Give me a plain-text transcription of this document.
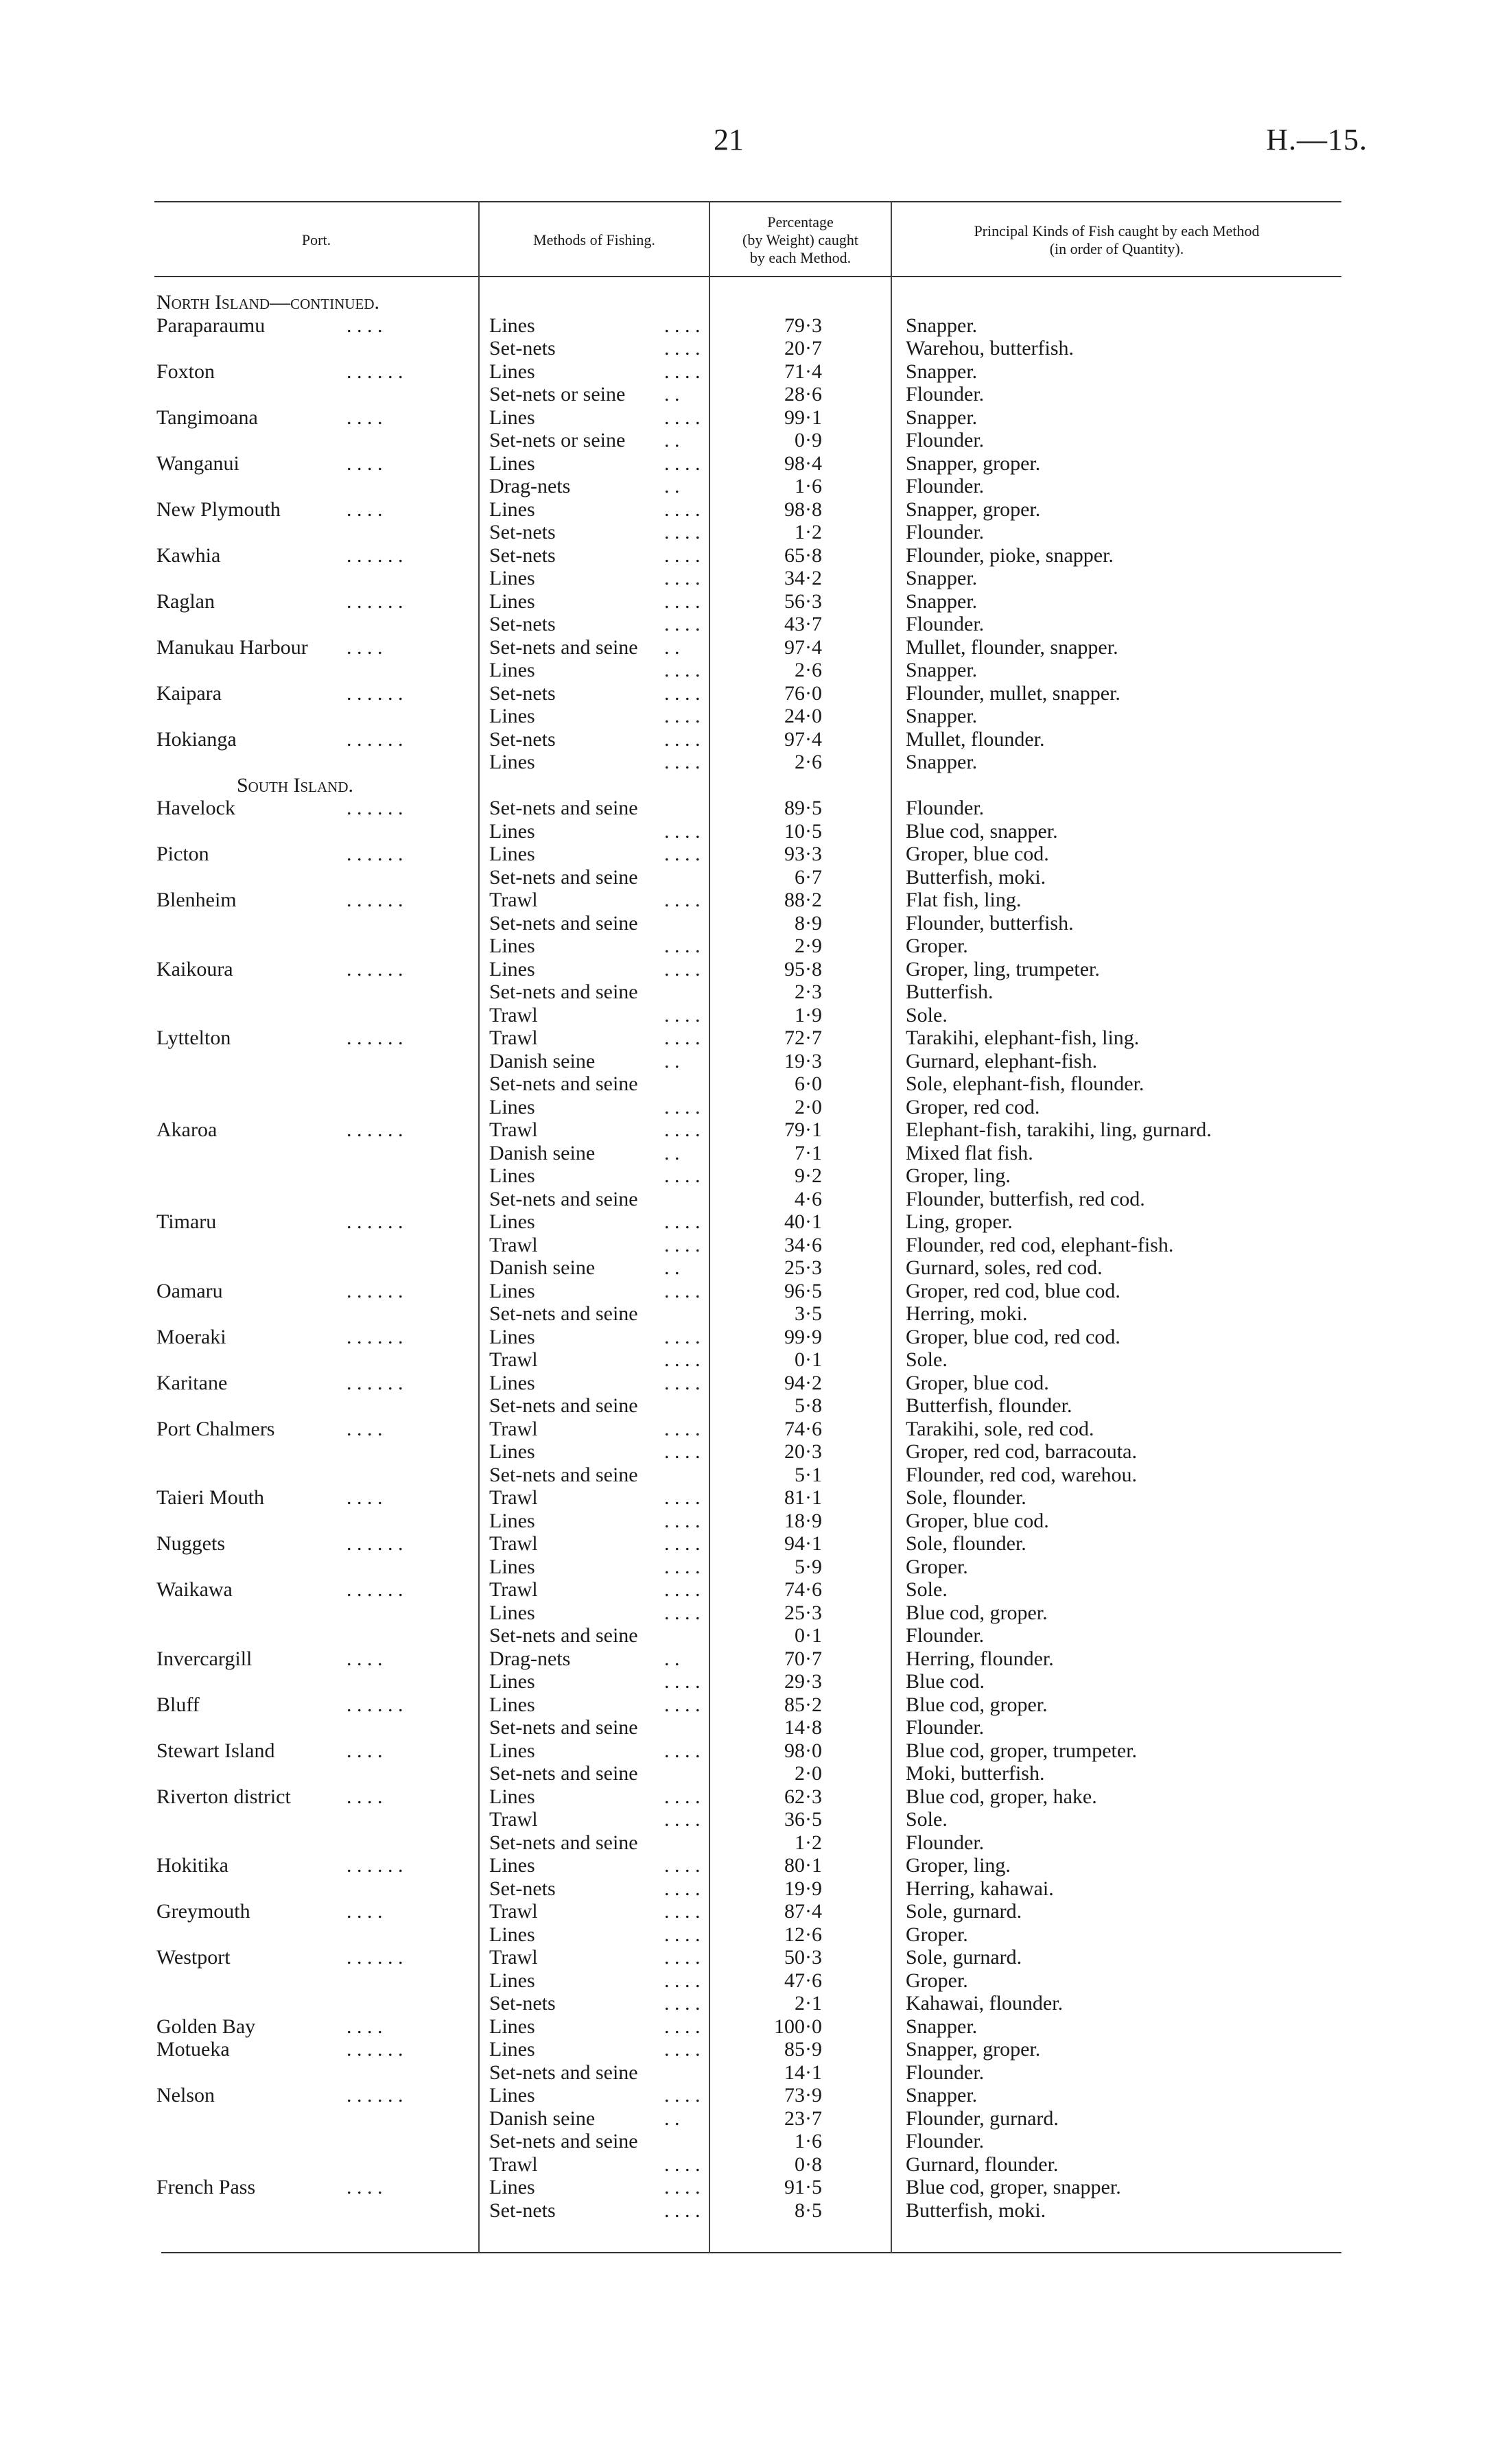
21	H.—15.
Port.	Methods of Fishing.
Percentage
(by Weight) caught
by each Method.
Principal Kinds of Fish caught by each Method
(in order of Quantity).
North Island—continued.
Paraparaumu	. . . .	Lines	. . . .	79·3	Snapper.
Set-nets	. . . .	20·7	Warehou, butterfish.
Foxton	. . . . . .	Lines	. . . .	71·4	Snapper.
Set-nets or seine . .	28·6	Flounder.
Tangimoana	. . . .	Lines	. . . .	99·1	Snapper.
Set-nets or seine . .	0·9	Flounder.
Wanganui	. . . .	Lines	. . . .	98·4	Snapper, groper.
Drag-nets	. .	1·6	Flounder.
New Plymouth	. . . .	Lines	. . . .	98·8	Snapper, groper.
Set-nets	. . . .	1·2	Flounder.
Kawhia	. . . . . .	Set-nets	. . . .	65·8	Flounder, pioke, snapper.
Lines	. . . .	34·2	Snapper.
Raglan	. . . . . .	Lines	. . . .	56·3	Snapper.
Set-nets	. . . .	43·7	Flounder.
Manukau Harbour . . . .	Set-nets and seine . .	97·4	Mullet, flounder, snapper.
Lines	. . . .	2·6	Snapper.
Kaipara	. . . . . .	Set-nets	. . . .	76·0	Flounder, mullet, snapper.
Lines	. . . .	24·0	Snapper.
Hokianga	. . . . . .	Set-nets	. . . .	97·4	Mullet, flounder.
Lines	. . . .	2·6	Snapper.
South Island.
Havelock	. . . . . .	Set-nets and seine	89·5	Flounder.
Lines	. . . .	10·5	Blue cod, snapper.
Picton	. . . . . .	Lines	. . . .	93·3	Groper, blue cod.
Set-nets and seine	6·7	Butterfish, moki.
Blenheim	. . . . . .	Trawl	. . . .	88·2	Flat fish, ling.
Set-nets and seine	8·9	Flounder, butterfish.
Lines	. . . .	2·9	Groper.
Kaikoura	. . . . . .	Lines	. . . .	95·8	Groper, ling, trumpeter.
Set-nets and seine	2·3	Butterfish.
Trawl	. . . .	1·9	Sole.
Lyttelton	. . . . . .	Trawl	. . . .	72·7	Tarakihi, elephant-fish, ling.
Danish seine	. .	19·3	Gurnard, elephant-fish.
Set-nets and seine	6·0	Sole, elephant-fish, flounder.
Lines	. . . .	2·0	Groper, red cod.
Akaroa	. . . . . .	Trawl	. . . .	79·1	Elephant-fish, tarakihi, ling, gurnard.
Danish seine	. .	7·1	Mixed flat fish.
Lines	. . . .	9·2	Groper, ling.
Set-nets and seine	4·6	Flounder, butterfish, red cod.
Timaru	. . . . . .	Lines	. . . .	40·1	Ling, groper.
Trawl	. . . .	34·6	Flounder, red cod, elephant-fish.
Danish seine	. .	25·3	Gurnard, soles, red cod.
Oamaru	. . . . . .	Lines	. . . .	96·5	Groper, red cod, blue cod.
Set-nets and seine	3·5	Herring, moki.
Moeraki	. . . . . .	Lines	. . . .	99·9	Groper, blue cod, red cod.
Trawl	. . . .	0·1	Sole.
Karitane	. . . . . .	Lines	. . . .	94·2	Groper, blue cod.
Set-nets and seine	5·8	Butterfish, flounder.
Port Chalmers	. . . .	Trawl	. . . .	74·6	Tarakihi, sole, red cod.
Lines	. . . .	20·3	Groper, red cod, barracouta.
Set-nets and seine	5·1	Flounder, red cod, warehou.
Taieri Mouth	. . . .	Trawl	. . . .	81·1	Sole, flounder.
Lines	. . . .	18·9	Groper, blue cod.
Nuggets	. . . . . .	Trawl	. . . .	94·1	Sole, flounder.
Lines	. . . .	5·9	Groper.
Waikawa	. . . . . .	Trawl	. . . .	74·6	Sole.
Lines	. . . .	25·3	Blue cod, groper.
Set-nets and seine	0·1	Flounder.
Invercargill	. . . .	Drag-nets	. .	70·7	Herring, flounder.
Lines	. . . .	29·3	Blue cod.
Bluff	. . . . . .	Lines	. . . .	85·2	Blue cod, groper.
Set-nets and seine	14·8	Flounder.
Stewart Island	. . . .	Lines	. . . .	98·0	Blue cod, groper, trumpeter.
Set-nets and seine	2·0	Moki, butterfish.
Riverton district	. . . .	Lines	. . . .	62·3	Blue cod, groper, hake.
Trawl	. . . .	36·5	Sole.
Set-nets and seine	1·2	Flounder.
Hokitika	. . . . . .	Lines	. . . .	80·1	Groper, ling.
Set-nets	. . . .	19·9	Herring, kahawai.
Greymouth	. . . .	Trawl	. . . .	87·4	Sole, gurnard.
Lines	. . . .	12·6	Groper.
Westport	. . . . . .	Trawl	. . . .	50·3	Sole, gurnard.
Lines	. . . .	47·6	Groper.
Set-nets	. . . .	2·1	Kahawai, flounder.
Golden Bay	. . . .	Lines	. . . .	100·0	Snapper.
Motueka	. . . . . .	Lines	. . . .	85·9	Snapper, groper.
Set-nets and seine	14·1	Flounder.
Nelson	. . . . . .	Lines	. . . .	73·9	Snapper.
Danish seine	. .	23·7	Flounder, gurnard.
Set-nets and seine	1·6	Flounder.
Trawl	. . . .	0·8	Gurnard, flounder.
French Pass	. . . .	Lines	. . . .	91·5	Blue cod, groper, snapper.
Set-nets	. . . .	8·5	Butterfish, moki.
